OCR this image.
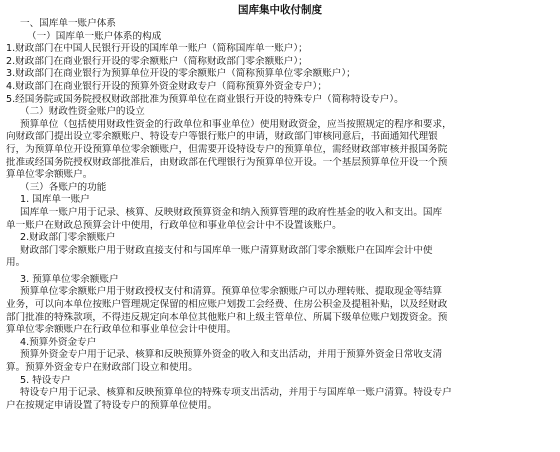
国库集中收付制度
一、国库单一账户体系
（一）国库单一账户体系的构成
1.财政部门在中国人民银行开设的国库单一账户（简称国库单一账户）；
2.财政部门在商业银行开设的零余额账户（简称财政部门零余额账户）；
3.财政部门在商业银行为预算单位开设的零余额账户（简称预算单位零余额账户）；
4.财政部门在商业银行开设的预算外资金财政专户（简称预算外资金专户）；
5.经国务院或国务院授权财政部批准为预算单位在商业银行开设的特殊专户（简称特设专户）。
（二）财政性资金账户的设立
预算单位（包括使用财政性资金的行政单位和事业单位）使用财政资金，应当按照规定的程序和要求，
向财政部门提出设立零余额账户、特设专户等银行账户的申请，财政部门审核同意后，书面通知代理银
行，为预算单位开设预算单位零余额账户，但需要开设特设专户的预算单位，需经财政部审核并报国务院
批准或经国务院授权财政部批准后，由财政部在代理银行为预算单位开设。一个基层预算单位开设一个预
算单位零余额账户。
（三）各账户的功能
1. 国库单一账户
国库单一账户用于记录、核算、反映财政预算资金和纳入预算管理的政府性基金的收入和支出。国库
单一账户在财政总预算会计中使用，行政单位和事业单位会计中不设置该账户。
2.财政部门零余额账户
财政部门零余额账户用于财政直接支付和与国库单一账户清算财政部门零余额账户在国库会计中使
用。
3. 预算单位零余额账户
预算单位零余额账户用于财政授权支付和清算。预算单位零余额账户可以办理转账、提取现金等结算
业务，可以向本单位按账户管理规定保留的相应账户划拨工会经费、住房公积金及提租补贴，以及经财政
部门批准的特殊款项，不得违反规定向本单位其他账户和上级主管单位、所属下级单位账户划拨资金。预
算单位零余额账户在行政单位和事业单位会计中使用。
4.预算外资金专户
预算外资金专户用于记录、核算和反映预算外资金的收入和支出活动，并用于预算外资金日常收支清
算。预算外资金专户在财政部门设立和使用。
5. 特设专户
特设专户用于记录、核算和反映预算单位的特殊专项支出活动，并用于与国库单一账户清算。特设专户
户在按规定申请设置了特设专户的预算单位使用。
